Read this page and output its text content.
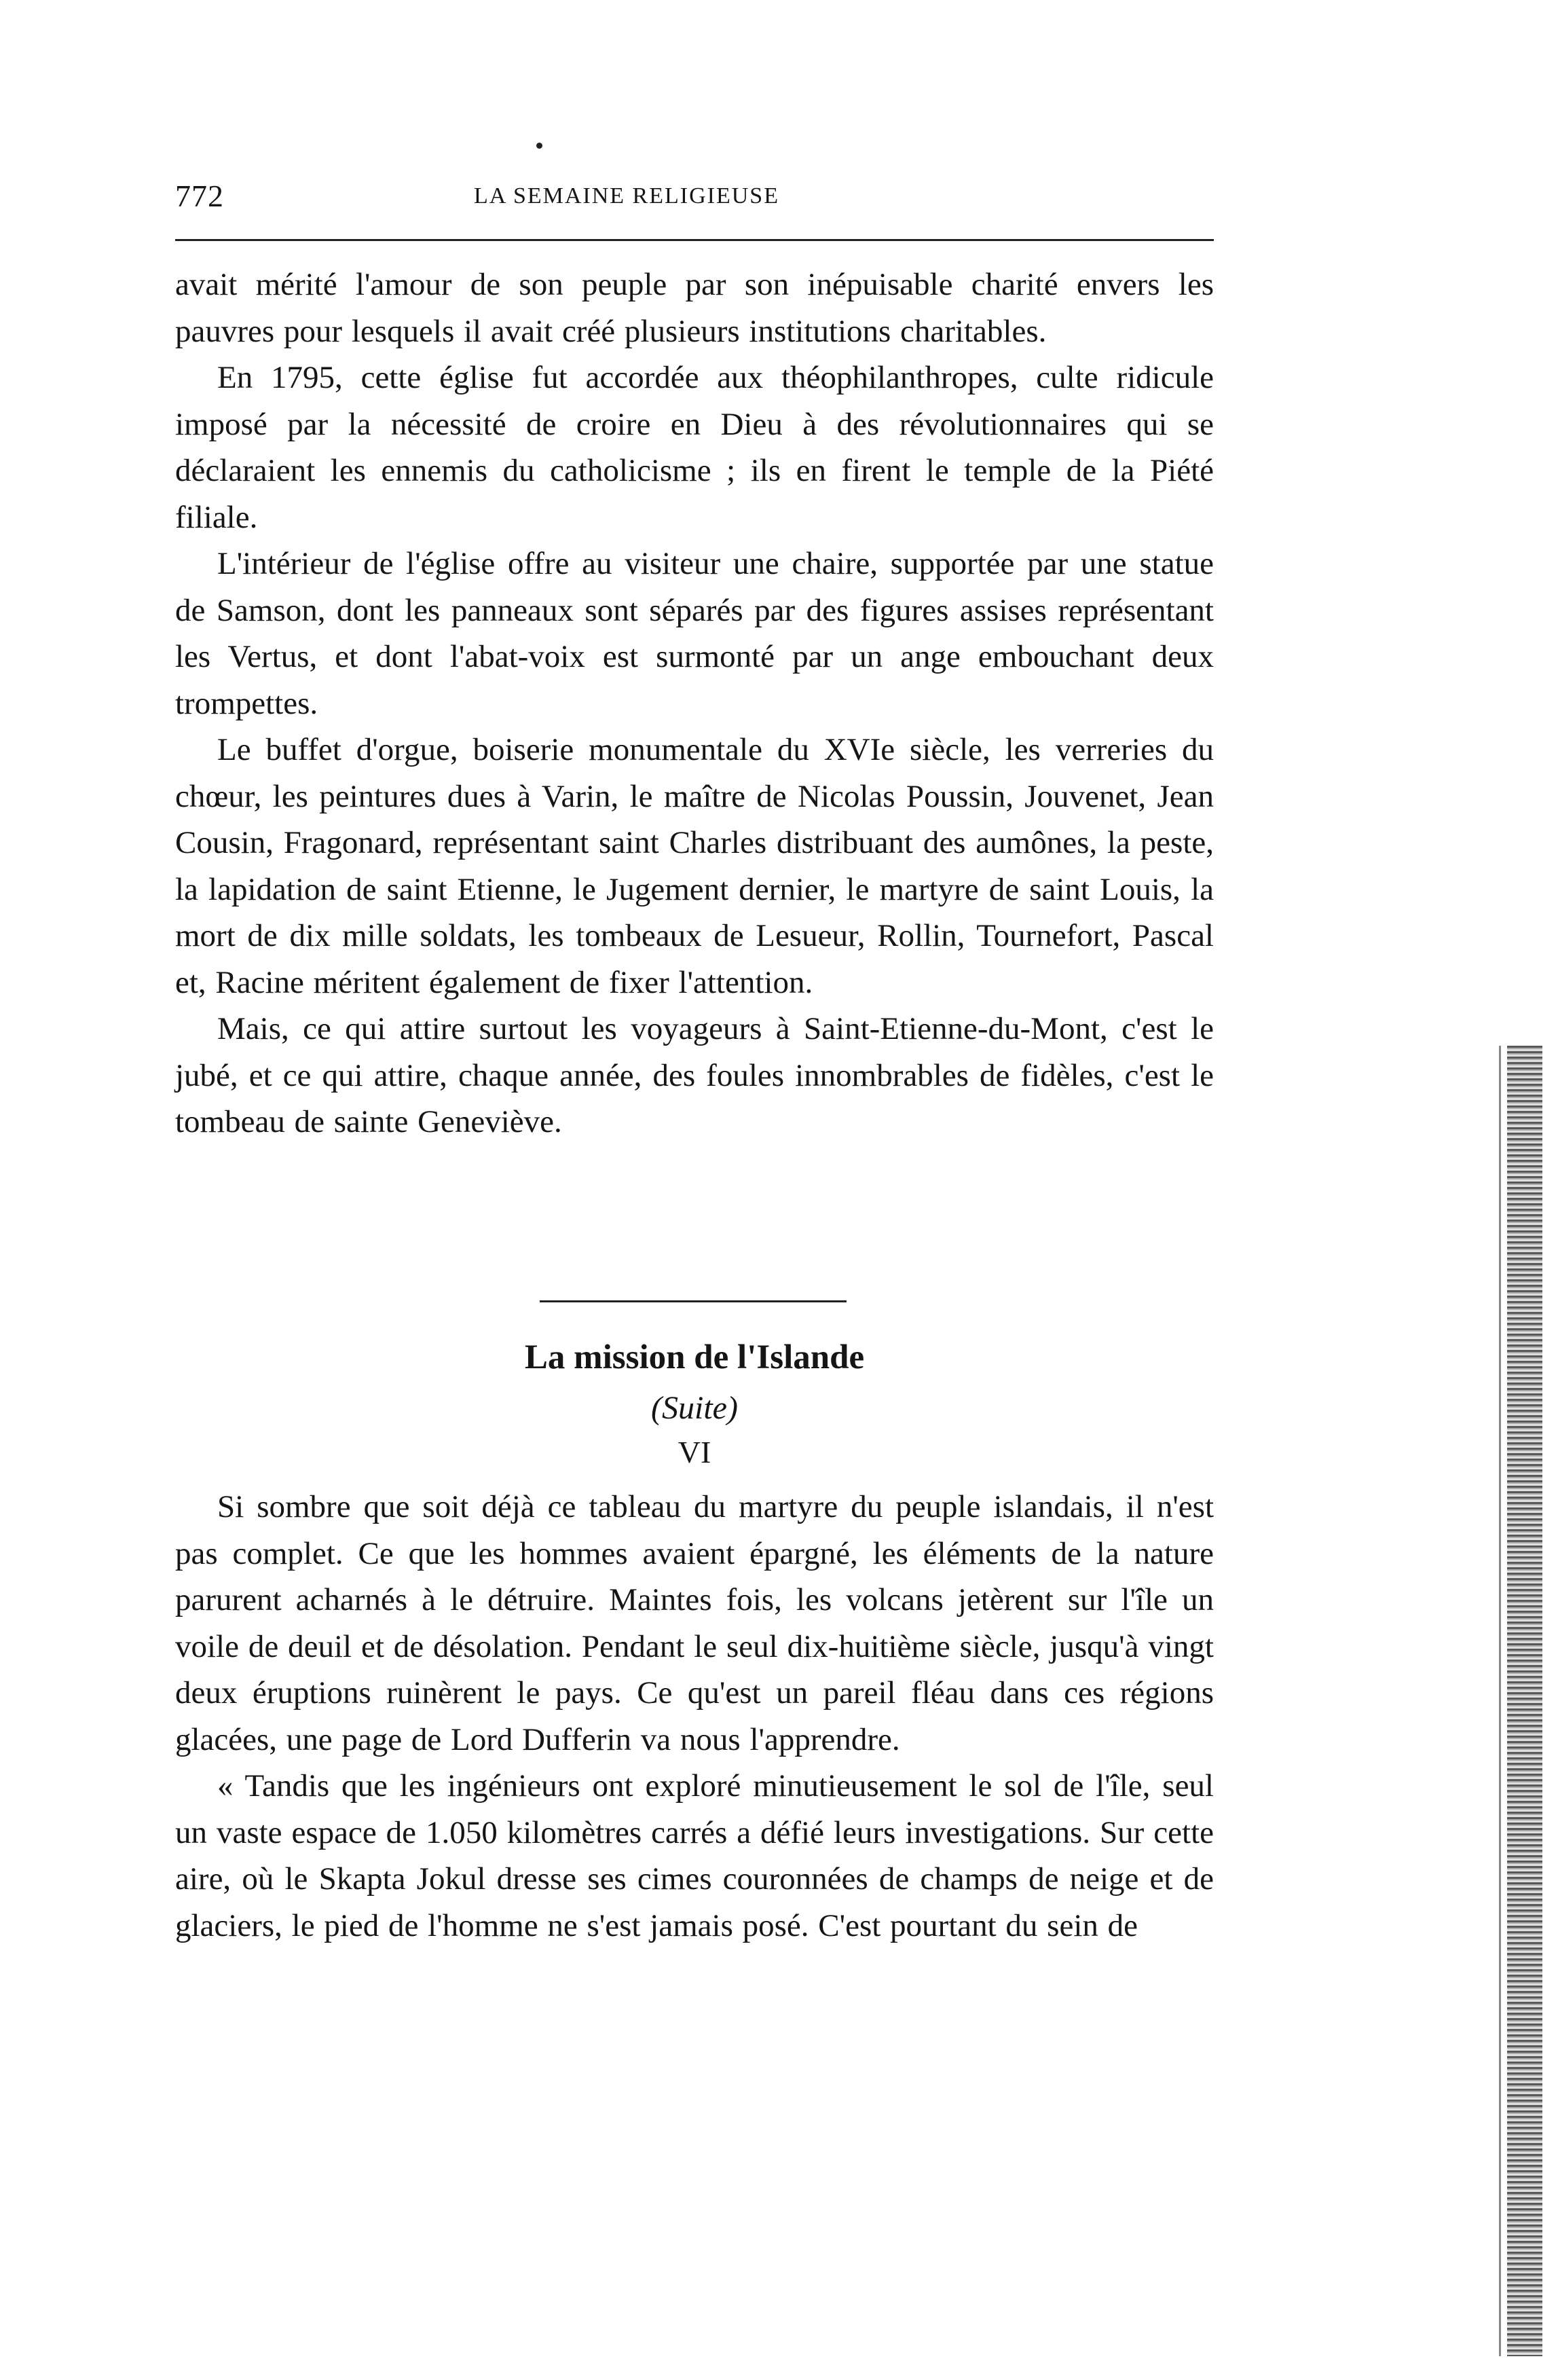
772	LA SEMAINE RELIGIEUSE

avait mérité l'amour de son peuple par son inépuisable charité envers les pauvres pour lesquels il avait créé plusieurs institutions charitables.

En 1795, cette église fut accordée aux théophilanthropes, culte ridicule imposé par la nécessité de croire en Dieu à des révolutionnaires qui se déclaraient les ennemis du catholicisme ; ils en firent le temple de la Piété filiale.

L'intérieur de l'église offre au visiteur une chaire, supportée par une statue de Samson, dont les panneaux sont séparés par des figures assises représentant les Vertus, et dont l'abat-voix est surmonté par un ange embouchant deux trompettes.

Le buffet d'orgue, boiserie monumentale du XVIe siècle, les verreries du chœur, les peintures dues à Varin, le maître de Nicolas Poussin, Jouvenet, Jean Cousin, Fragonard, représentant saint Charles distribuant des aumônes, la peste, la lapidation de saint Etienne, le Jugement dernier, le martyre de saint Louis, la mort de dix mille soldats, les tombeaux de Lesueur, Rollin, Tournefort, Pascal et, Racine méritent également de fixer l'attention.

Mais, ce qui attire surtout les voyageurs à Saint-Etienne-du-Mont, c'est le jubé, et ce qui attire, chaque année, des foules innombrables de fidèles, c'est le tombeau de sainte Geneviève.

La mission de l'Islande
(Suite)
VI

Si sombre que soit déjà ce tableau du martyre du peuple islandais, il n'est pas complet. Ce que les hommes avaient épargné, les éléments de la nature parurent acharnés à le détruire. Maintes fois, les volcans jetèrent sur l'île un voile de deuil et de désolation. Pendant le seul dix-huitième siècle, jusqu'à vingt deux éruptions ruinèrent le pays. Ce qu'est un pareil fléau dans ces régions glacées, une page de Lord Dufferin va nous l'apprendre.

« Tandis que les ingénieurs ont exploré minutieusement le sol de l'île, seul un vaste espace de 1.050 kilomètres carrés a défié leurs investigations. Sur cette aire, où le Skapta Jokul dresse ses cimes couronnées de champs de neige et de glaciers, le pied de l'homme ne s'est jamais posé. C'est pourtant du sein de
